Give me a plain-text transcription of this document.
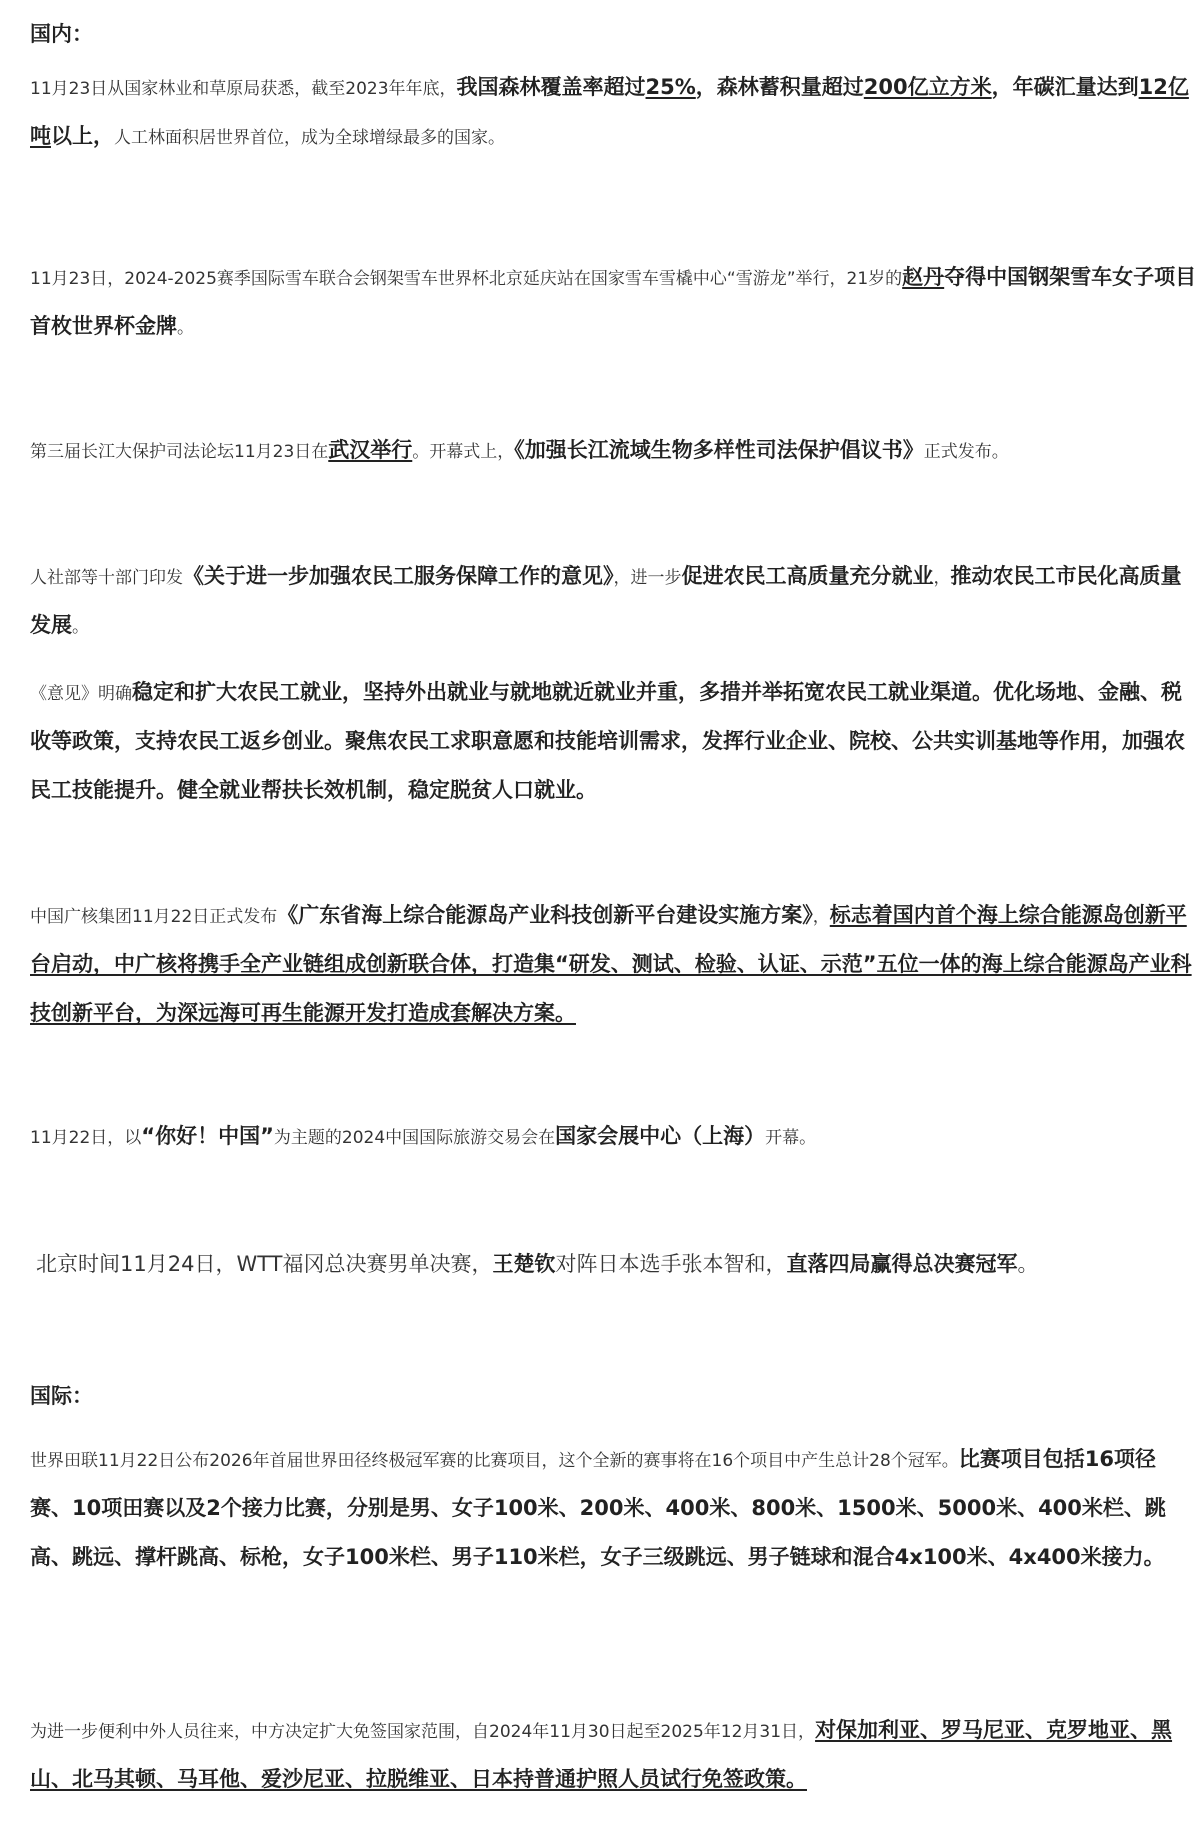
国内：

11月23日从国家林业和草原局获悉，截至2023年年底，我国森林覆盖率超过25%，森林蓄积量超过200亿立方米，年碳汇量达到12亿吨以上，人工林面积居世界首位，成为全球增绿最多的国家。

11月23日，2024-2025赛季国际雪车联合会钢架雪车世界杯北京延庆站在国家雪车雪橇中心“雪游龙”举行，21岁的赵丹夺得中国钢架雪车女子项目首枚世界杯金牌。

第三届长江大保护司法论坛11月23日在武汉举行。开幕式上，《加强长江流域生物多样性司法保护倡议书》正式发布。

人社部等十部门印发《关于进一步加强农民工服务保障工作的意见》，进一步促进农民工高质量充分就业，推动农民工市民化高质量发展。

《意见》明确稳定和扩大农民工就业，坚持外出就业与就地就近就业并重，多措并举拓宽农民工就业渠道。优化场地、金融、税收等政策，支持农民工返乡创业。聚焦农民工求职意愿和技能培训需求，发挥行业企业、院校、公共实训基地等作用，加强农民工技能提升。健全就业帮扶长效机制，稳定脱贫人口就业。

中国广核集团11月22日正式发布《广东省海上综合能源岛产业科技创新平台建设实施方案》，标志着国内首个海上综合能源岛创新平台启动，中广核将携手全产业链组成创新联合体，打造集“研发、测试、检验、认证、示范”五位一体的海上综合能源岛产业科技创新平台，为深远海可再生能源开发打造成套解决方案。

11月22日，以“你好！中国”为主题的2024中国国际旅游交易会在国家会展中心（上海）开幕。

北京时间11月24日，WTT福冈总决赛男单决赛，王楚钦对阵日本选手张本智和，直落四局赢得总决赛冠军。

国际：

世界田联11月22日公布2026年首届世界田径终极冠军赛的比赛项目，这个全新的赛事将在16个项目中产生总计28个冠军。比赛项目包括16项径赛、10项田赛以及2个接力比赛，分别是男、女子100米、200米、400米、800米、1500米、5000米、400米栏、跳高、跳远、撑杆跳高、标枪，女子100米栏、男子110米栏，女子三级跳远、男子链球和混合4x100米、4x400米接力。

为进一步便利中外人员往来，中方决定扩大免签国家范围，自2024年11月30日起至2025年12月31日，对保加利亚、罗马尼亚、克罗地亚、黑山、北马其顿、马耳他、爱沙尼亚、拉脱维亚、日本持普通护照人员试行免签政策。
